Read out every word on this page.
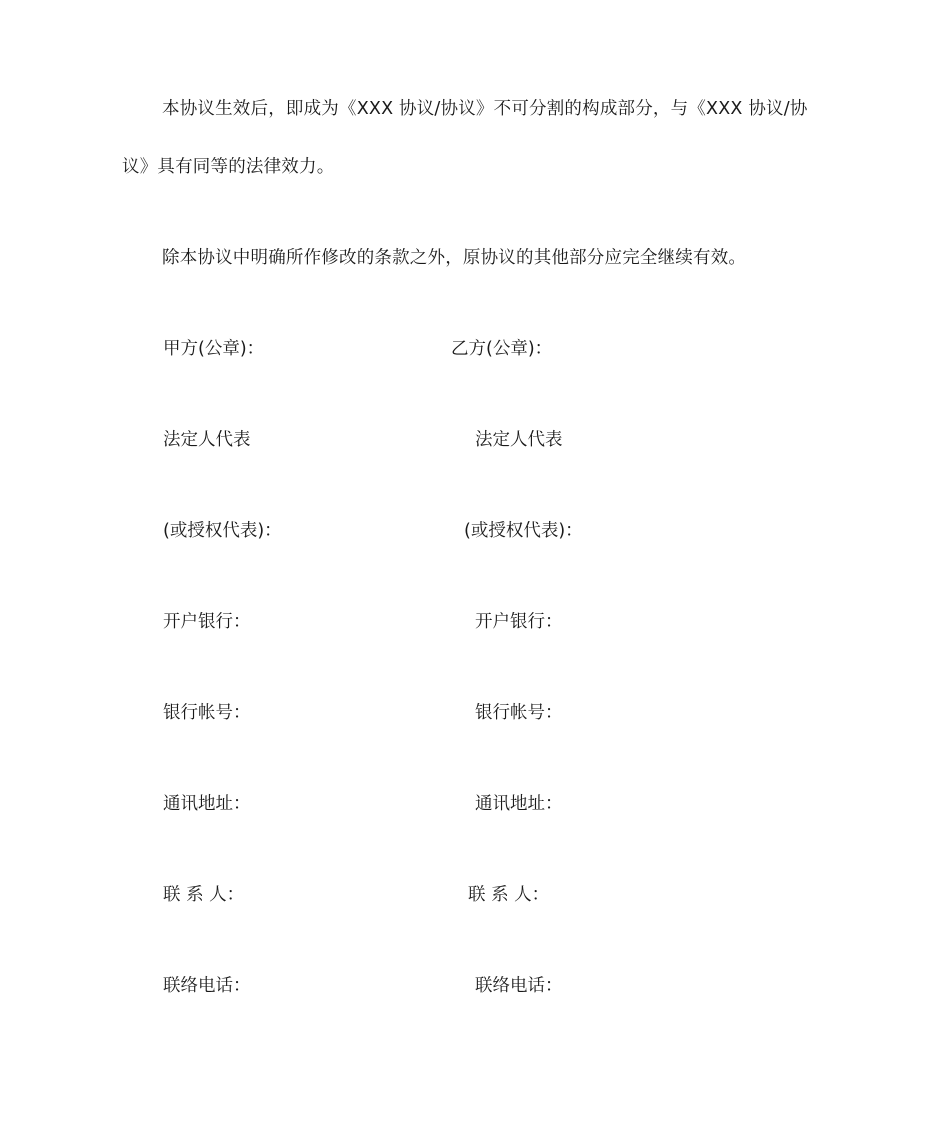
本协议生效后，即成为《XXX 协议/协议》不可分割的构成部分，与《XXX 协议/协议》具有同等的法律效力。

除本协议中明确所作修改的条款之外，原协议的其他部分应完全继续有效。

甲方(公章)：

法定人代表

(或授权代表)：

开户银行：

银行帐号：

通讯地址：

联 系 人：

联络电话：

乙方(公章)：

法定人代表

(或授权代表)：

开户银行：

银行帐号：

通讯地址：

联 系 人：

联络电话：
